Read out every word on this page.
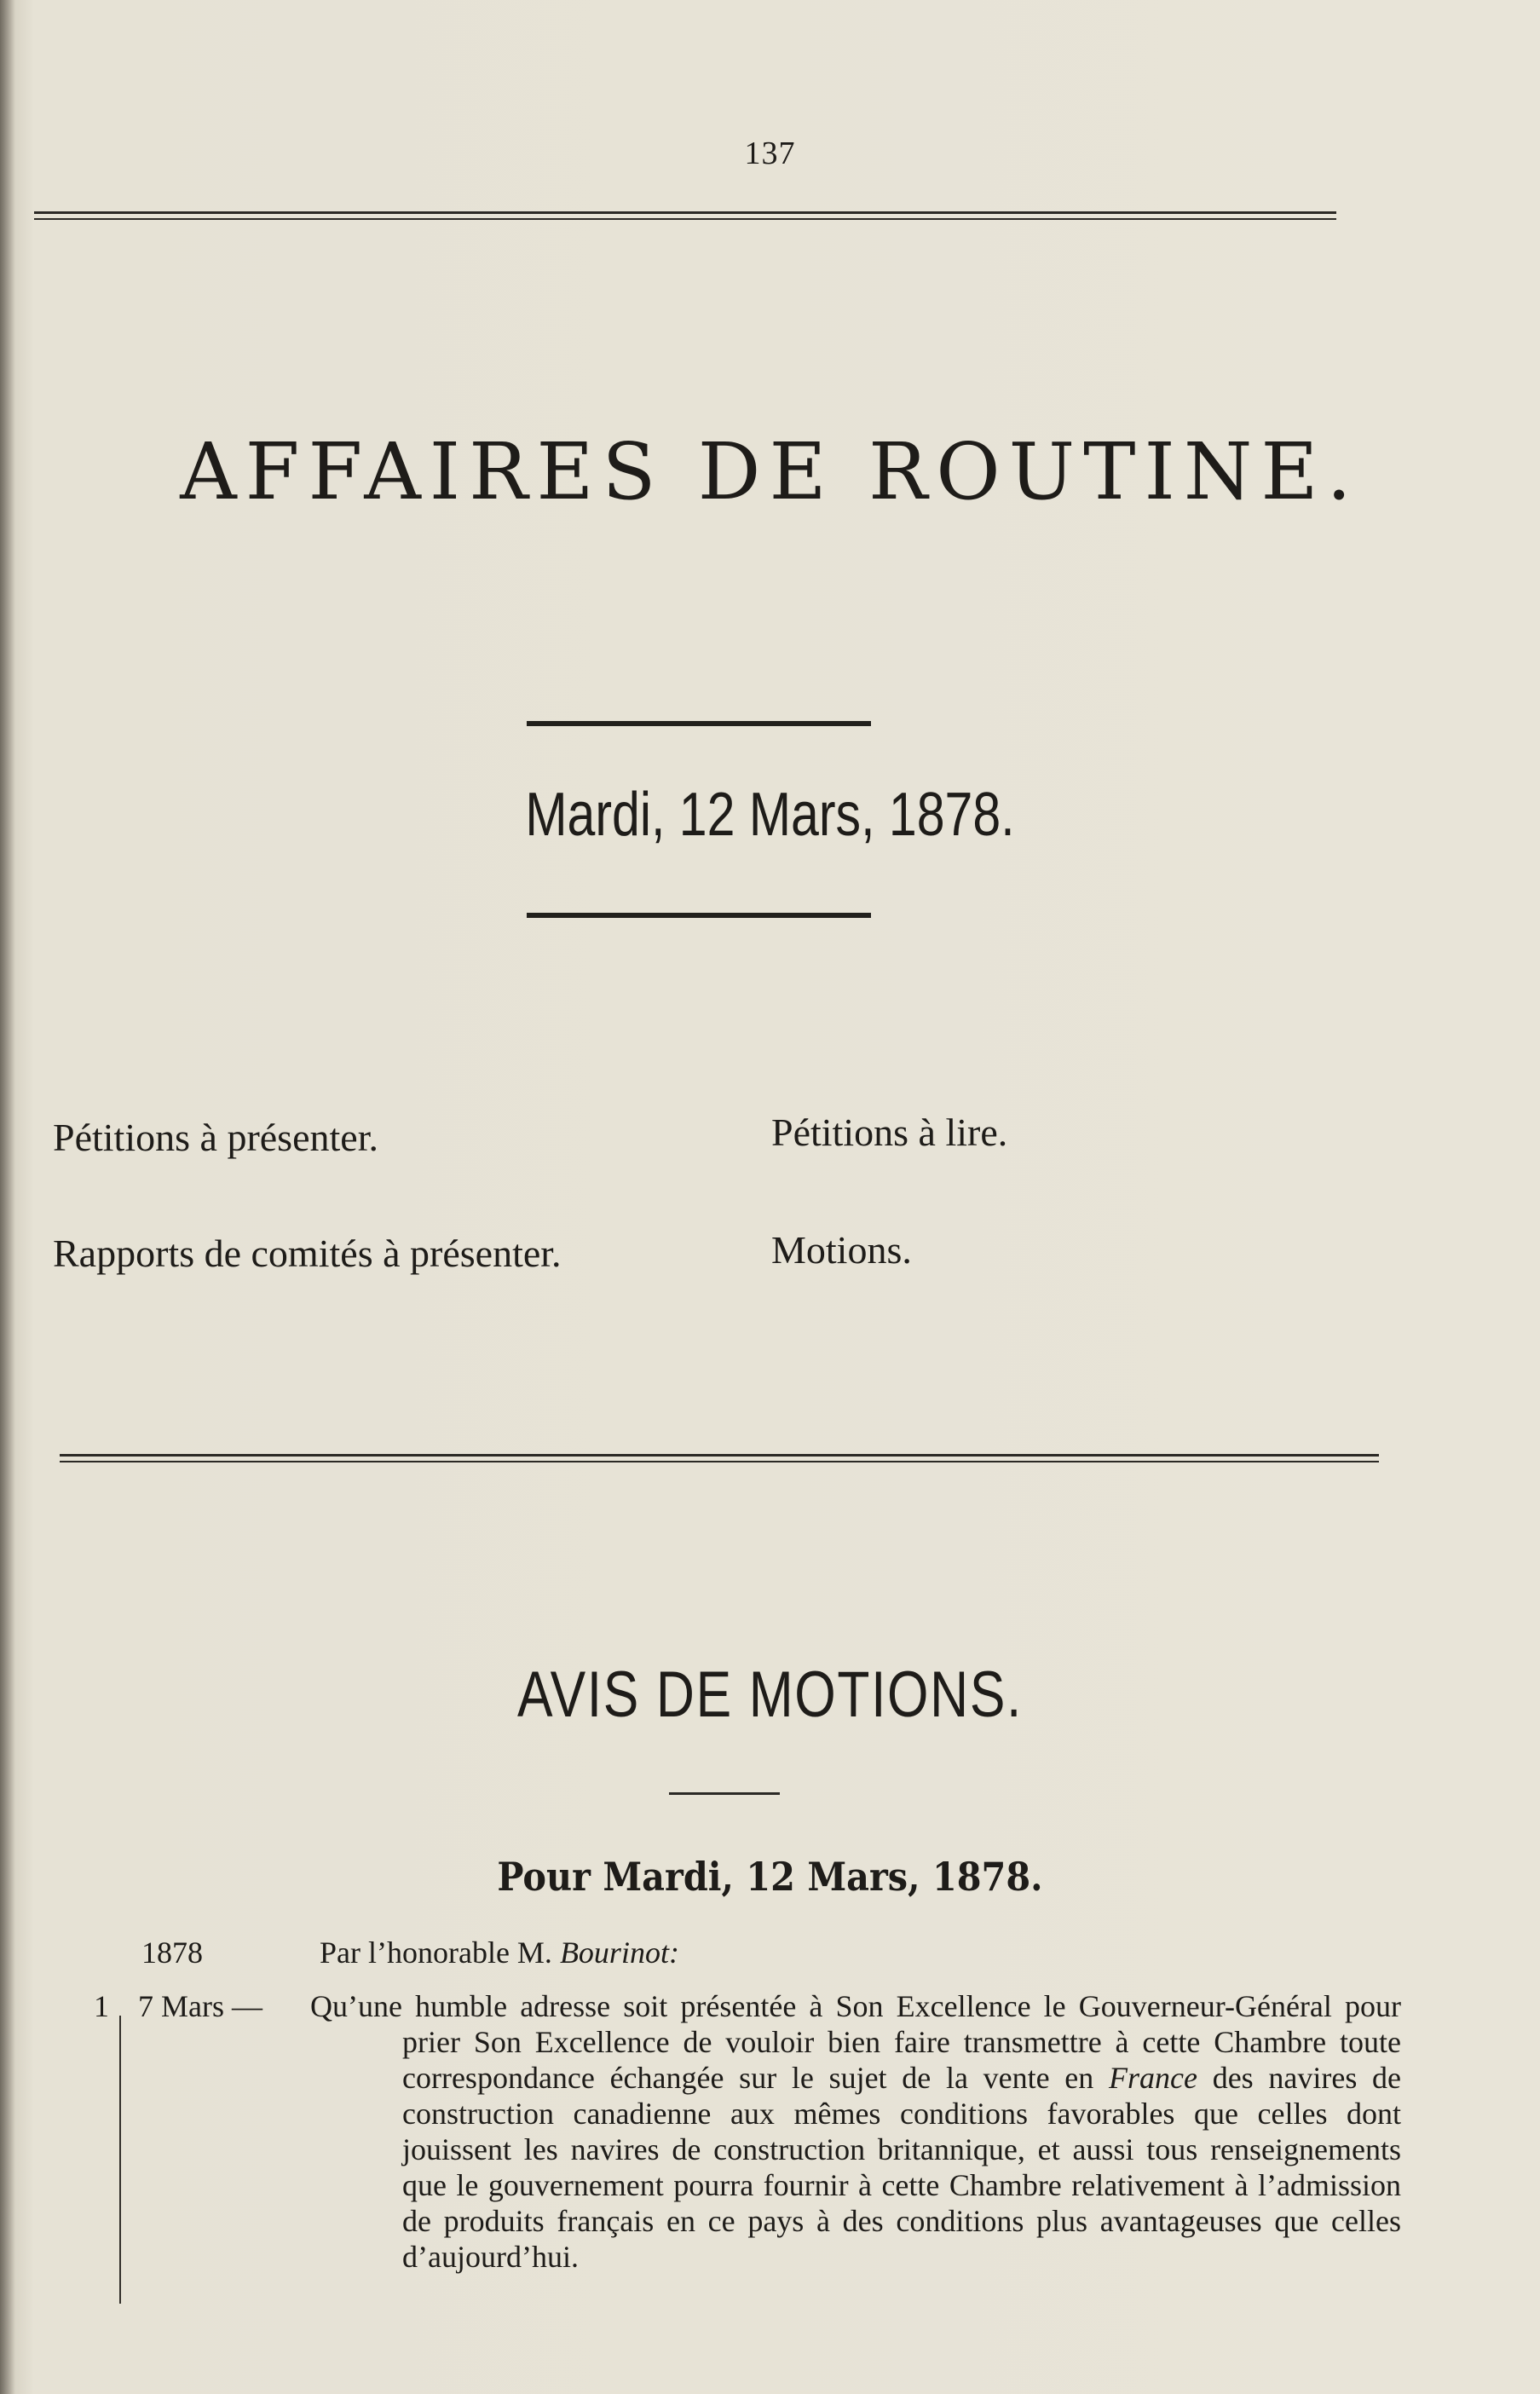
137
AFFAIRES DE ROUTINE.
Mardi, 12 Mars, 1878.
Pétitions à présenter.	Pétitions à lire.
Rapports de comités à présenter.	Motions.
AVIS DE MOTIONS.
Pour Mardi, 12 Mars, 1878.
1878	Par l’honorable M. Bourinot:
1 7 Mars — Qu’une humble adresse soit présentée à Son Excellence le Gouverneur-Général pour prier Son Excellence de vouloir bien faire transmettre à cette Chambre toute correspondance échangée sur le sujet de la vente en France des navires de construction canadienne aux mêmes conditions favorables que celles dont jouissent les navires de construction britannique, et aussi tous renseignements que le gouvernement pourra fournir à cette Chambre relativement à l’admission de produits français en ce pays à des conditions plus avantageuses que celles d’aujourd’hui.
